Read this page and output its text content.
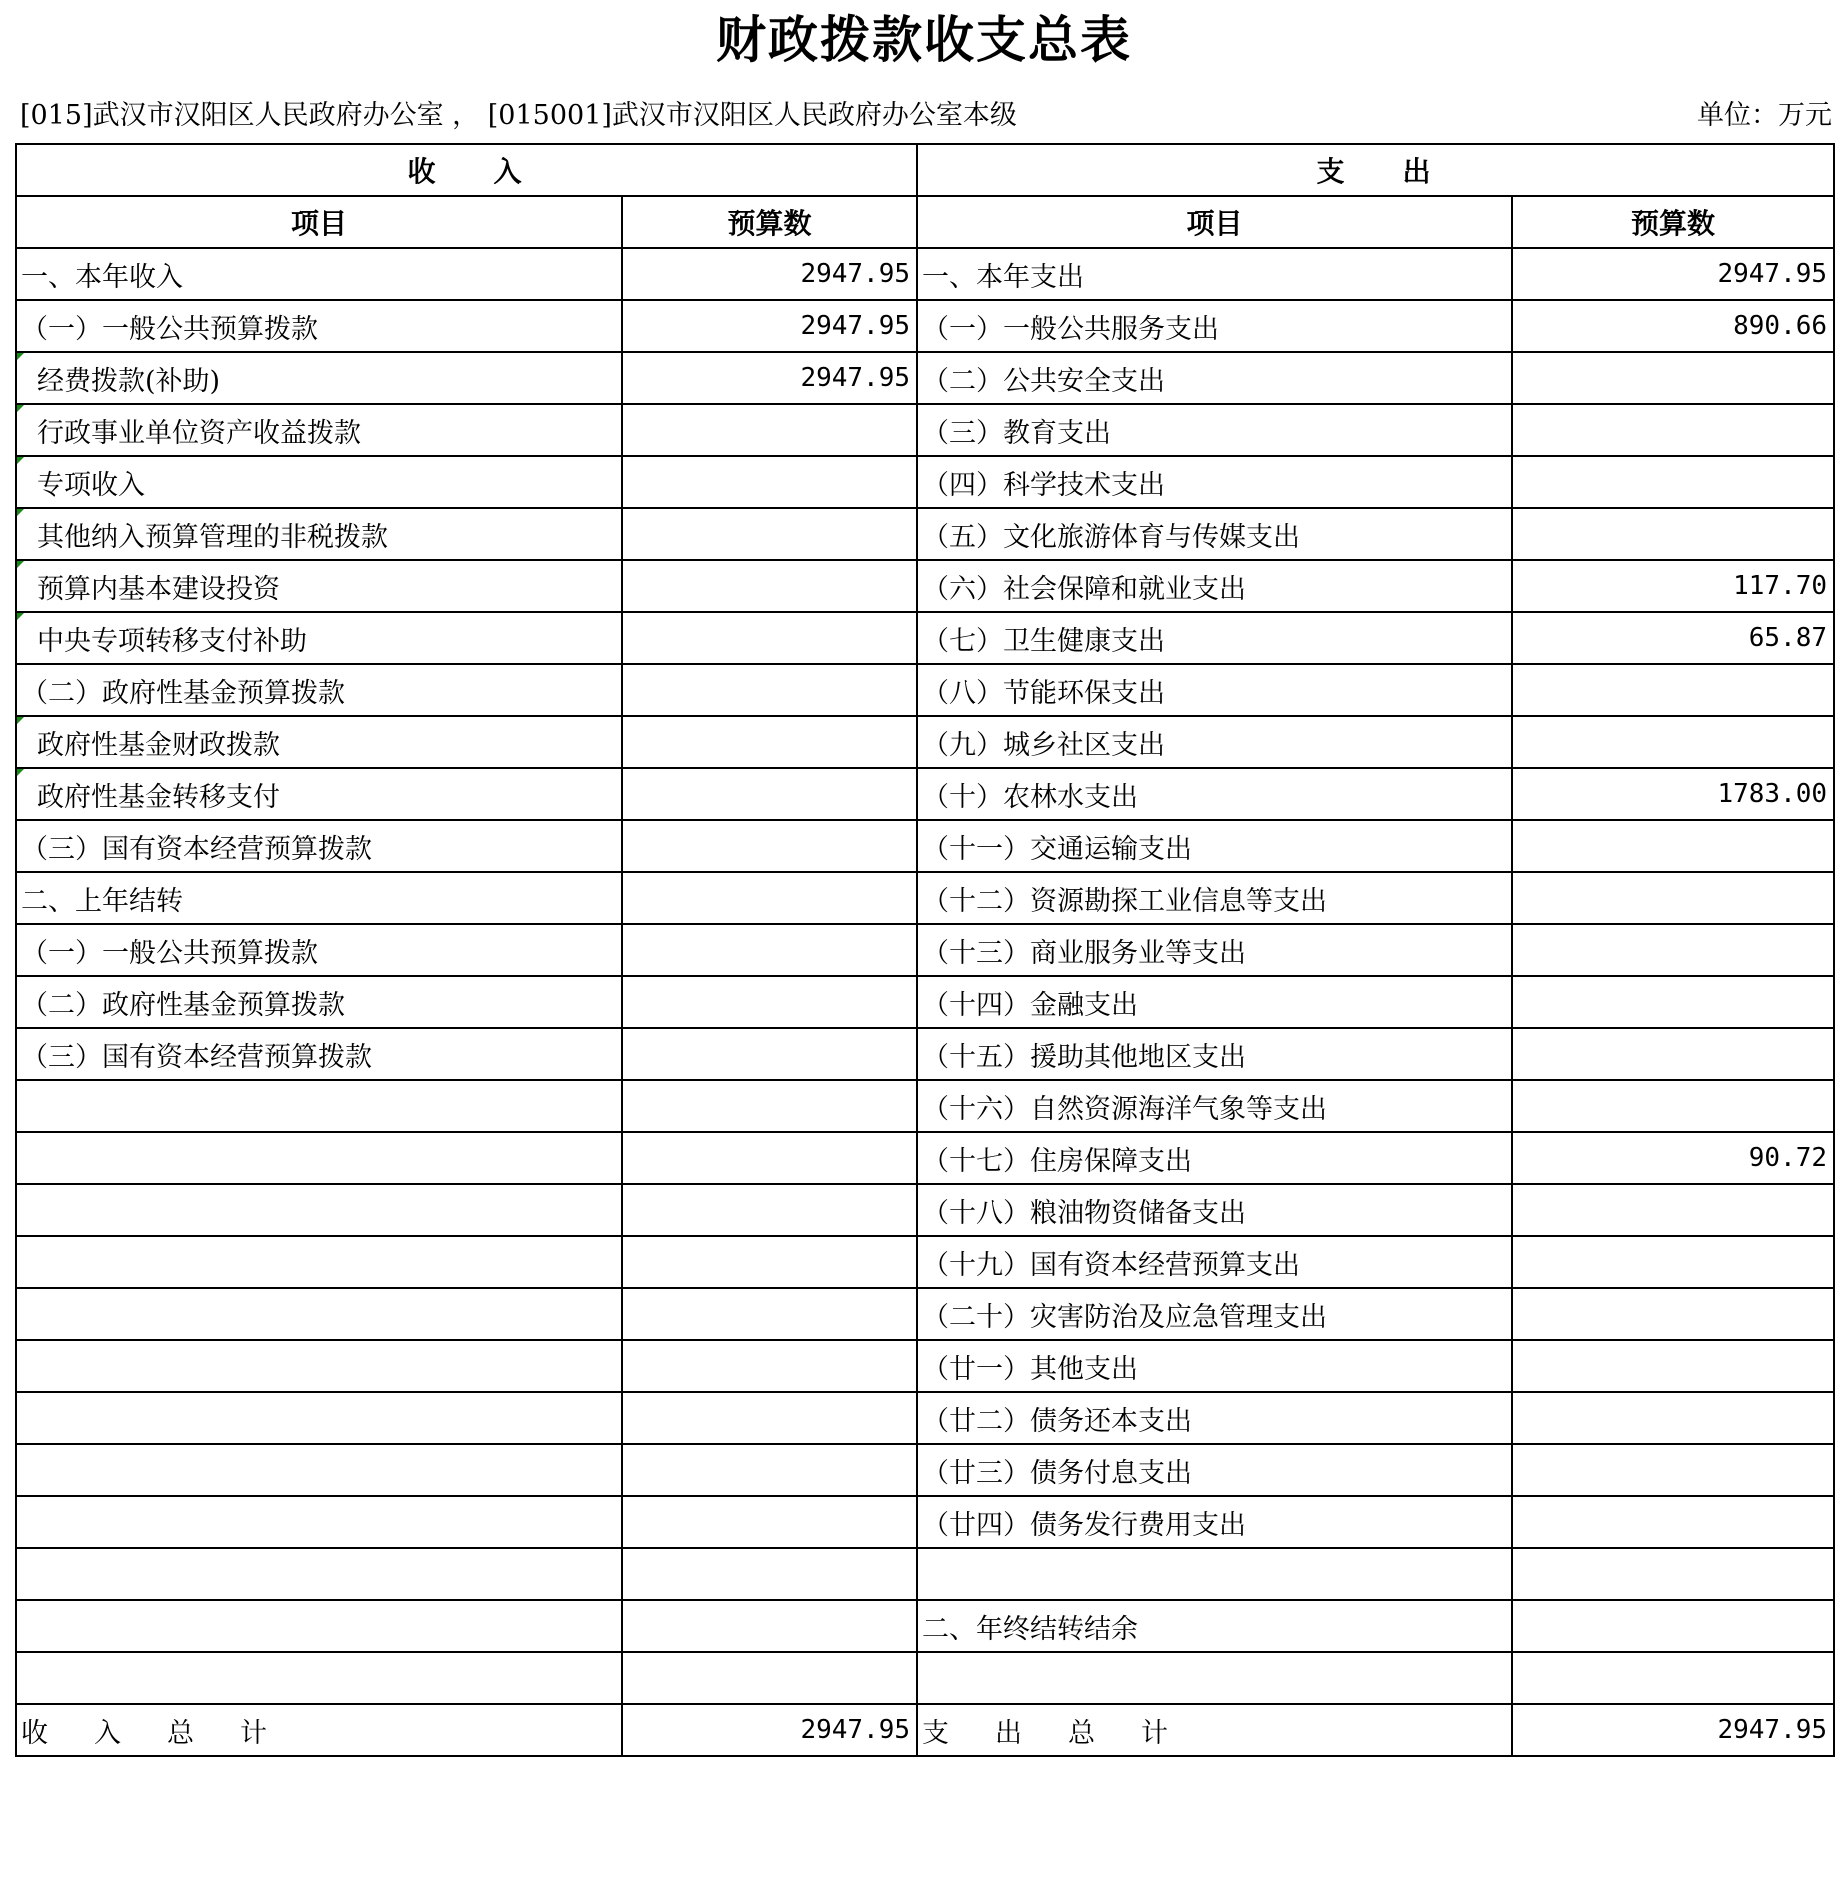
财政拨款收支总表
[015]武汉市汉阳区人民政府办公室 ， [015001]武汉市汉阳区人民政府办公室本级	单位：万元
收入		支出	
项目	预算数	项目	预算数
一、本年收入	2947.95	一、本年支出	2947.95
（一）一般公共预算拨款	2947.95	（一）一般公共服务支出	890.66
经费拨款(补助)	2947.95	（二）公共安全支出	
行政事业单位资产收益拨款		（三）教育支出	
专项收入		（四）科学技术支出	
其他纳入预算管理的非税拨款		（五）文化旅游体育与传媒支出	
预算内基本建设投资		（六）社会保障和就业支出	117.70
中央专项转移支付补助		（七）卫生健康支出	65.87
（二）政府性基金预算拨款		（八）节能环保支出	
政府性基金财政拨款		（九）城乡社区支出	
政府性基金转移支付		（十）农林水支出	1783.00
（三）国有资本经营预算拨款		（十一）交通运输支出	
二、上年结转		（十二）资源勘探工业信息等支出	
（一）一般公共预算拨款		（十三）商业服务业等支出	
（二）政府性基金预算拨款		（十四）金融支出	
（三）国有资本经营预算拨款		（十五）援助其他地区支出	
		（十六）自然资源海洋气象等支出	
		（十七）住房保障支出	90.72
		（十八）粮油物资储备支出	
		（十九）国有资本经营预算支出	
		（二十）灾害防治及应急管理支出	
		（廿一）其他支出	
		（廿二）债务还本支出	
		（廿三）债务付息支出	
		（廿四）债务发行费用支出	

		二、年终结转结余	

收入总计	2947.95	支出总计	2947.95
